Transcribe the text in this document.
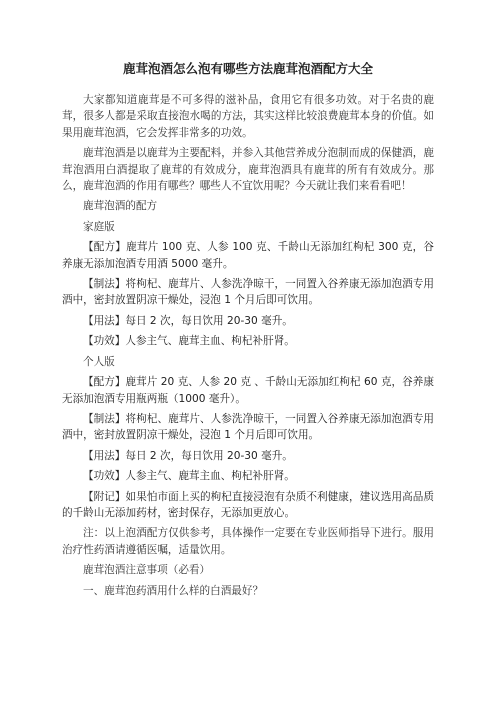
鹿茸泡酒怎么泡有哪些方法鹿茸泡酒配方大全

大家都知道鹿茸是不可多得的滋补品，食用它有很多功效。对于名贵的鹿茸，很多人都是采取直接泡水喝的方法，其实这样比较浪费鹿茸本身的价值。如果用鹿茸泡酒，它会发挥非常多的功效。

鹿茸泡酒是以鹿茸为主要配料，并参入其他营养成分泡制而成的保健酒，鹿茸泡酒用白酒提取了鹿茸的有效成分，鹿茸泡酒具有鹿茸的所有有效成分。那么，鹿茸泡酒的作用有哪些？哪些人不宜饮用呢？今天就让我们来看看吧！

鹿茸泡酒的配方

家庭版

【配方】鹿茸片 100 克、人参 100 克、千龄山无添加红枸杞 300 克，谷养康无添加泡酒专用酒 5000 毫升。

【制法】将枸杞、鹿茸片、人参洗净晾干，一同置入谷养康无添加泡酒专用酒中，密封放置阴凉干燥处，浸泡 1 个月后即可饮用。

【用法】每日 2 次，每日饮用 20-30 毫升。

【功效】人参主气、鹿茸主血、枸杞补肝肾。

个人版

【配方】鹿茸片 20 克、人参 20 克 、千龄山无添加红枸杞 60 克，谷养康无添加泡酒专用瓶两瓶（1000 毫升）。

【制法】将枸杞、鹿茸片、人参洗净晾干，一同置入谷养康无添加泡酒专用酒中，密封放置阴凉干燥处，浸泡 1 个月后即可饮用。

【用法】每日 2 次，每日饮用 20-30 毫升。

【功效】人参主气、鹿茸主血、枸杞补肝肾。

【附记】如果怕市面上买的枸杞直接浸泡有杂质不利健康，建议选用高品质的千龄山无添加药材，密封保存，无添加更放心。

注：以上泡酒配方仅供参考，具体操作一定要在专业医师指导下进行。服用治疗性药酒请遵循医嘱，适量饮用。

鹿茸泡酒注意事项（必看）

一、鹿茸泡药酒用什么样的白酒最好？
